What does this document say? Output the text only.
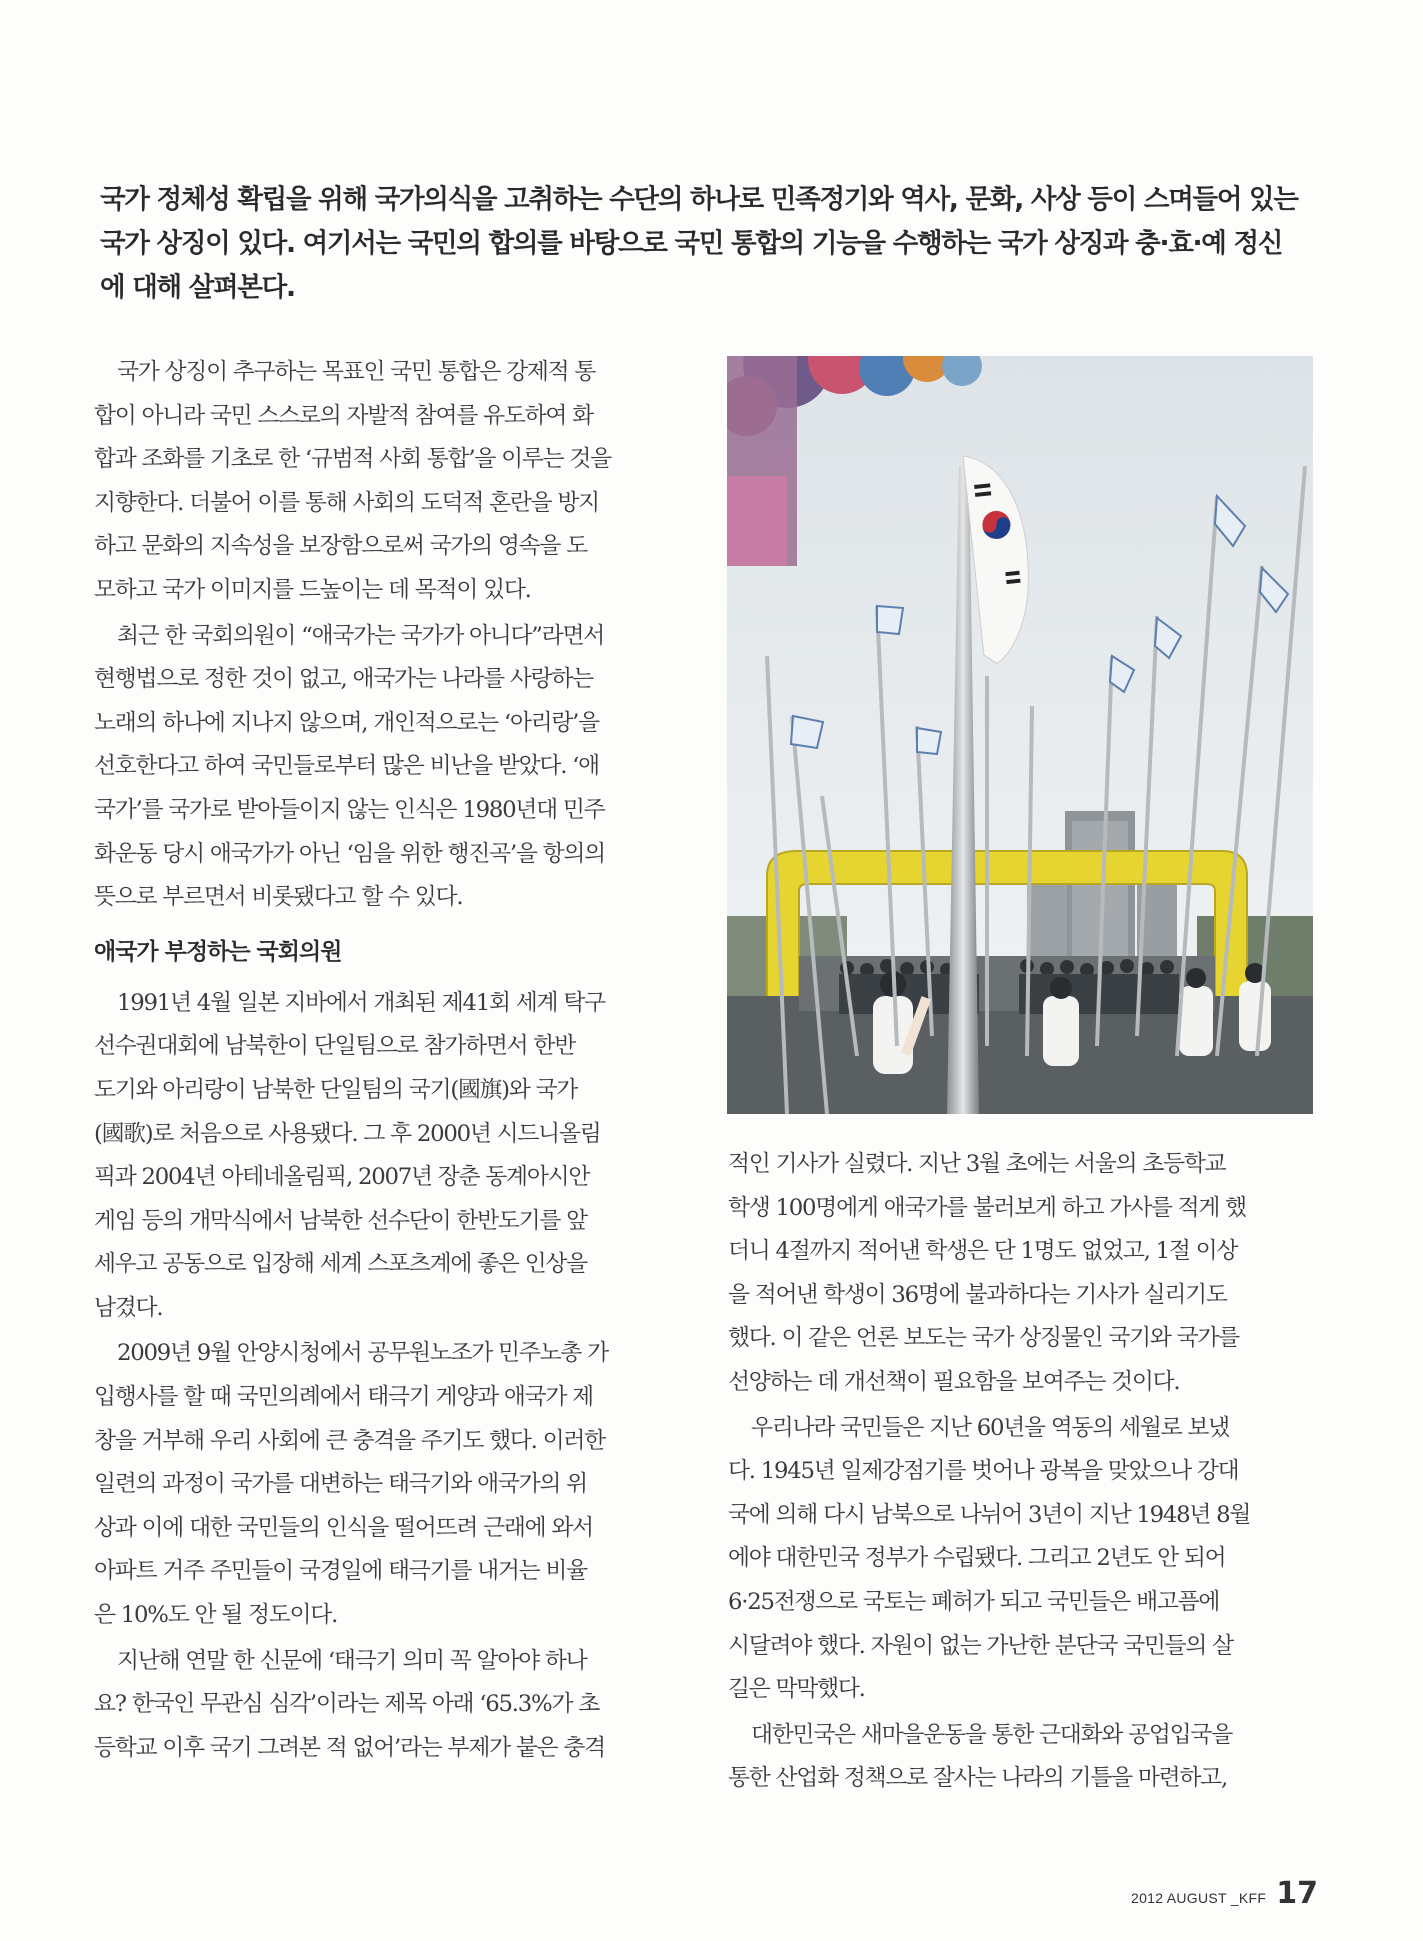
국가 정체성 확립을 위해 국가의식을 고취하는 수단의 하나로 민족정기와 역사, 문화, 사상 등이 스며들어 있는
국가 상징이 있다. 여기서는 국민의 합의를 바탕으로 국민 통합의 기능을 수행하는 국가 상징과 충·효·예 정신
에 대해 살펴본다.

국가 상징이 추구하는 목표인 국민 통합은 강제적 통
합이 아니라 국민 스스로의 자발적 참여를 유도하여 화
합과 조화를 기초로 한 ‘규범적 사회 통합’을 이루는 것을
지향한다. 더불어 이를 통해 사회의 도덕적 혼란을 방지
하고 문화의 지속성을 보장함으로써 국가의 영속을 도
모하고 국가 이미지를 드높이는 데 목적이 있다.

최근 한 국회의원이 “애국가는 국가가 아니다”라면서
현행법으로 정한 것이 없고, 애국가는 나라를 사랑하는
노래의 하나에 지나지 않으며, 개인적으로는 ‘아리랑’을
선호한다고 하여 국민들로부터 많은 비난을 받았다. ‘애
국가’를 국가로 받아들이지 않는 인식은 1980년대 민주
화운동 당시 애국가가 아닌 ‘임을 위한 행진곡’을 항의의
뜻으로 부르면서 비롯됐다고 할 수 있다.

애국가 부정하는 국회의원

1991년 4월 일본 지바에서 개최된 제41회 세계 탁구
선수권대회에 남북한이 단일팀으로 참가하면서 한반
도기와 아리랑이 남북한 단일팀의 국기(國旗)와 국가
(國歌)로 처음으로 사용됐다. 그 후 2000년 시드니올림
픽과 2004년 아테네올림픽, 2007년 장춘 동계아시안
게임 등의 개막식에서 남북한 선수단이 한반도기를 앞
세우고 공동으로 입장해 세계 스포츠계에 좋은 인상을
남겼다.

2009년 9월 안양시청에서 공무원노조가 민주노총 가
입행사를 할 때 국민의례에서 태극기 게양과 애국가 제
창을 거부해 우리 사회에 큰 충격을 주기도 했다. 이러한
일련의 과정이 국가를 대변하는 태극기와 애국가의 위
상과 이에 대한 국민들의 인식을 떨어뜨려 근래에 와서
아파트 거주 주민들이 국경일에 태극기를 내거는 비율
은 10%도 안 될 정도이다.

지난해 연말 한 신문에 ‘태극기 의미 꼭 알아야 하나
요? 한국인 무관심 심각’이라는 제목 아래 ‘65.3%가 초
등학교 이후 국기 그려본 적 없어’라는 부제가 붙은 충격

적인 기사가 실렸다. 지난 3월 초에는 서울의 초등학교
학생 100명에게 애국가를 불러보게 하고 가사를 적게 했
더니 4절까지 적어낸 학생은 단 1명도 없었고, 1절 이상
을 적어낸 학생이 36명에 불과하다는 기사가 실리기도
했다. 이 같은 언론 보도는 국가 상징물인 국기와 국가를
선양하는 데 개선책이 필요함을 보여주는 것이다.

우리나라 국민들은 지난 60년을 역동의 세월로 보냈
다. 1945년 일제강점기를 벗어나 광복을 맞았으나 강대
국에 의해 다시 남북으로 나뉘어 3년이 지난 1948년 8월
에야 대한민국 정부가 수립됐다. 그리고 2년도 안 되어
6·25전쟁으로 국토는 폐허가 되고 국민들은 배고픔에
시달려야 했다. 자원이 없는 가난한 분단국 국민들의 살
길은 막막했다.

대한민국은 새마을운동을 통한 근대화와 공업입국을
통한 산업화 정책으로 잘사는 나라의 기틀을 마련하고,

2012 AUGUST _KFF 17
